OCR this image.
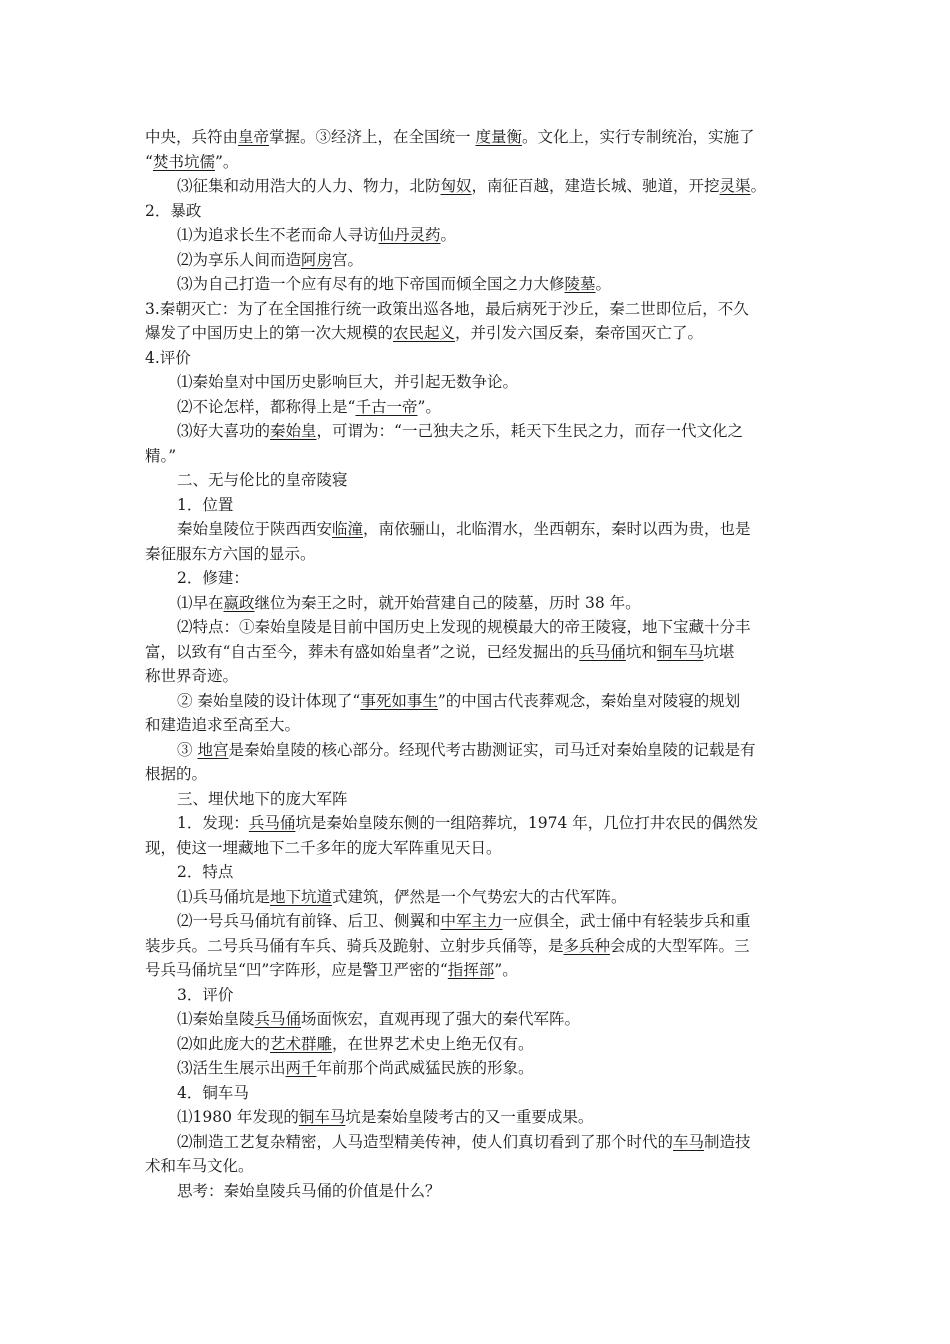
中央，兵符由皇帝掌握。③经济上，在全国统一 度量衡。文化上，实行专制统治，实施了
“焚书坑儒”。
⑶征集和动用浩大的人力、物力，北防匈奴，南征百越，建造长城、驰道，开挖灵渠。
2．暴政
⑴为追求长生不老而命人寻访仙丹灵药。
⑵为享乐人间而造阿房宫。
⑶为自己打造一个应有尽有的地下帝国而倾全国之力大修陵墓。
3.秦朝灭亡：为了在全国推行统一政策出巡各地，最后病死于沙丘，秦二世即位后，不久
爆发了中国历史上的第一次大规模的农民起义，并引发六国反秦，秦帝国灭亡了。
4.评价
⑴秦始皇对中国历史影响巨大，并引起无数争论。
⑵不论怎样，都称得上是“千古一帝”。
⑶好大喜功的秦始皇，可谓为：“一己独夫之乐，耗天下生民之力，而存一代文化之
精。”
二、无与伦比的皇帝陵寝
1．位置
秦始皇陵位于陕西西安临潼，南依骊山，北临渭水，坐西朝东，秦时以西为贵，也是
秦征服东方六国的显示。
2．修建：
⑴早在嬴政继位为秦王之时，就开始营建自己的陵墓，历时 38 年。
⑵特点：①秦始皇陵是目前中国历史上发现的规模最大的帝王陵寝，地下宝藏十分丰
富，以致有“自古至今，葬未有盛如始皇者”之说，已经发掘出的兵马俑坑和铜车马坑堪
称世界奇迹。
② 秦始皇陵的设计体现了“事死如事生”的中国古代丧葬观念，秦始皇对陵寝的规划
和建造追求至高至大。
③ 地宫是秦始皇陵的核心部分。经现代考古勘测证实，司马迁对秦始皇陵的记载是有
根据的。
三、埋伏地下的庞大军阵
1．发现：兵马俑坑是秦始皇陵东侧的一组陪葬坑，1974 年，几位打井农民的偶然发
现，使这一埋藏地下二千多年的庞大军阵重见天日。
2．特点
⑴兵马俑坑是地下坑道式建筑，俨然是一个气势宏大的古代军阵。
⑵一号兵马俑坑有前锋、后卫、侧翼和中军主力一应俱全，武士俑中有轻装步兵和重
装步兵。二号兵马俑有车兵、骑兵及跪射、立射步兵俑等，是多兵种会成的大型军阵。三
号兵马俑坑呈“凹”字阵形，应是警卫严密的“指挥部”。
3．评价
⑴秦始皇陵兵马俑场面恢宏，直观再现了强大的秦代军阵。
⑵如此庞大的艺术群雕，在世界艺术史上绝无仅有。
⑶活生生展示出两千年前那个尚武威猛民族的形象。
4．铜车马
⑴1980 年发现的铜车马坑是秦始皇陵考古的又一重要成果。
⑵制造工艺复杂精密，人马造型精美传神，使人们真切看到了那个时代的车马制造技
术和车马文化。
思考：秦始皇陵兵马俑的价值是什么？
